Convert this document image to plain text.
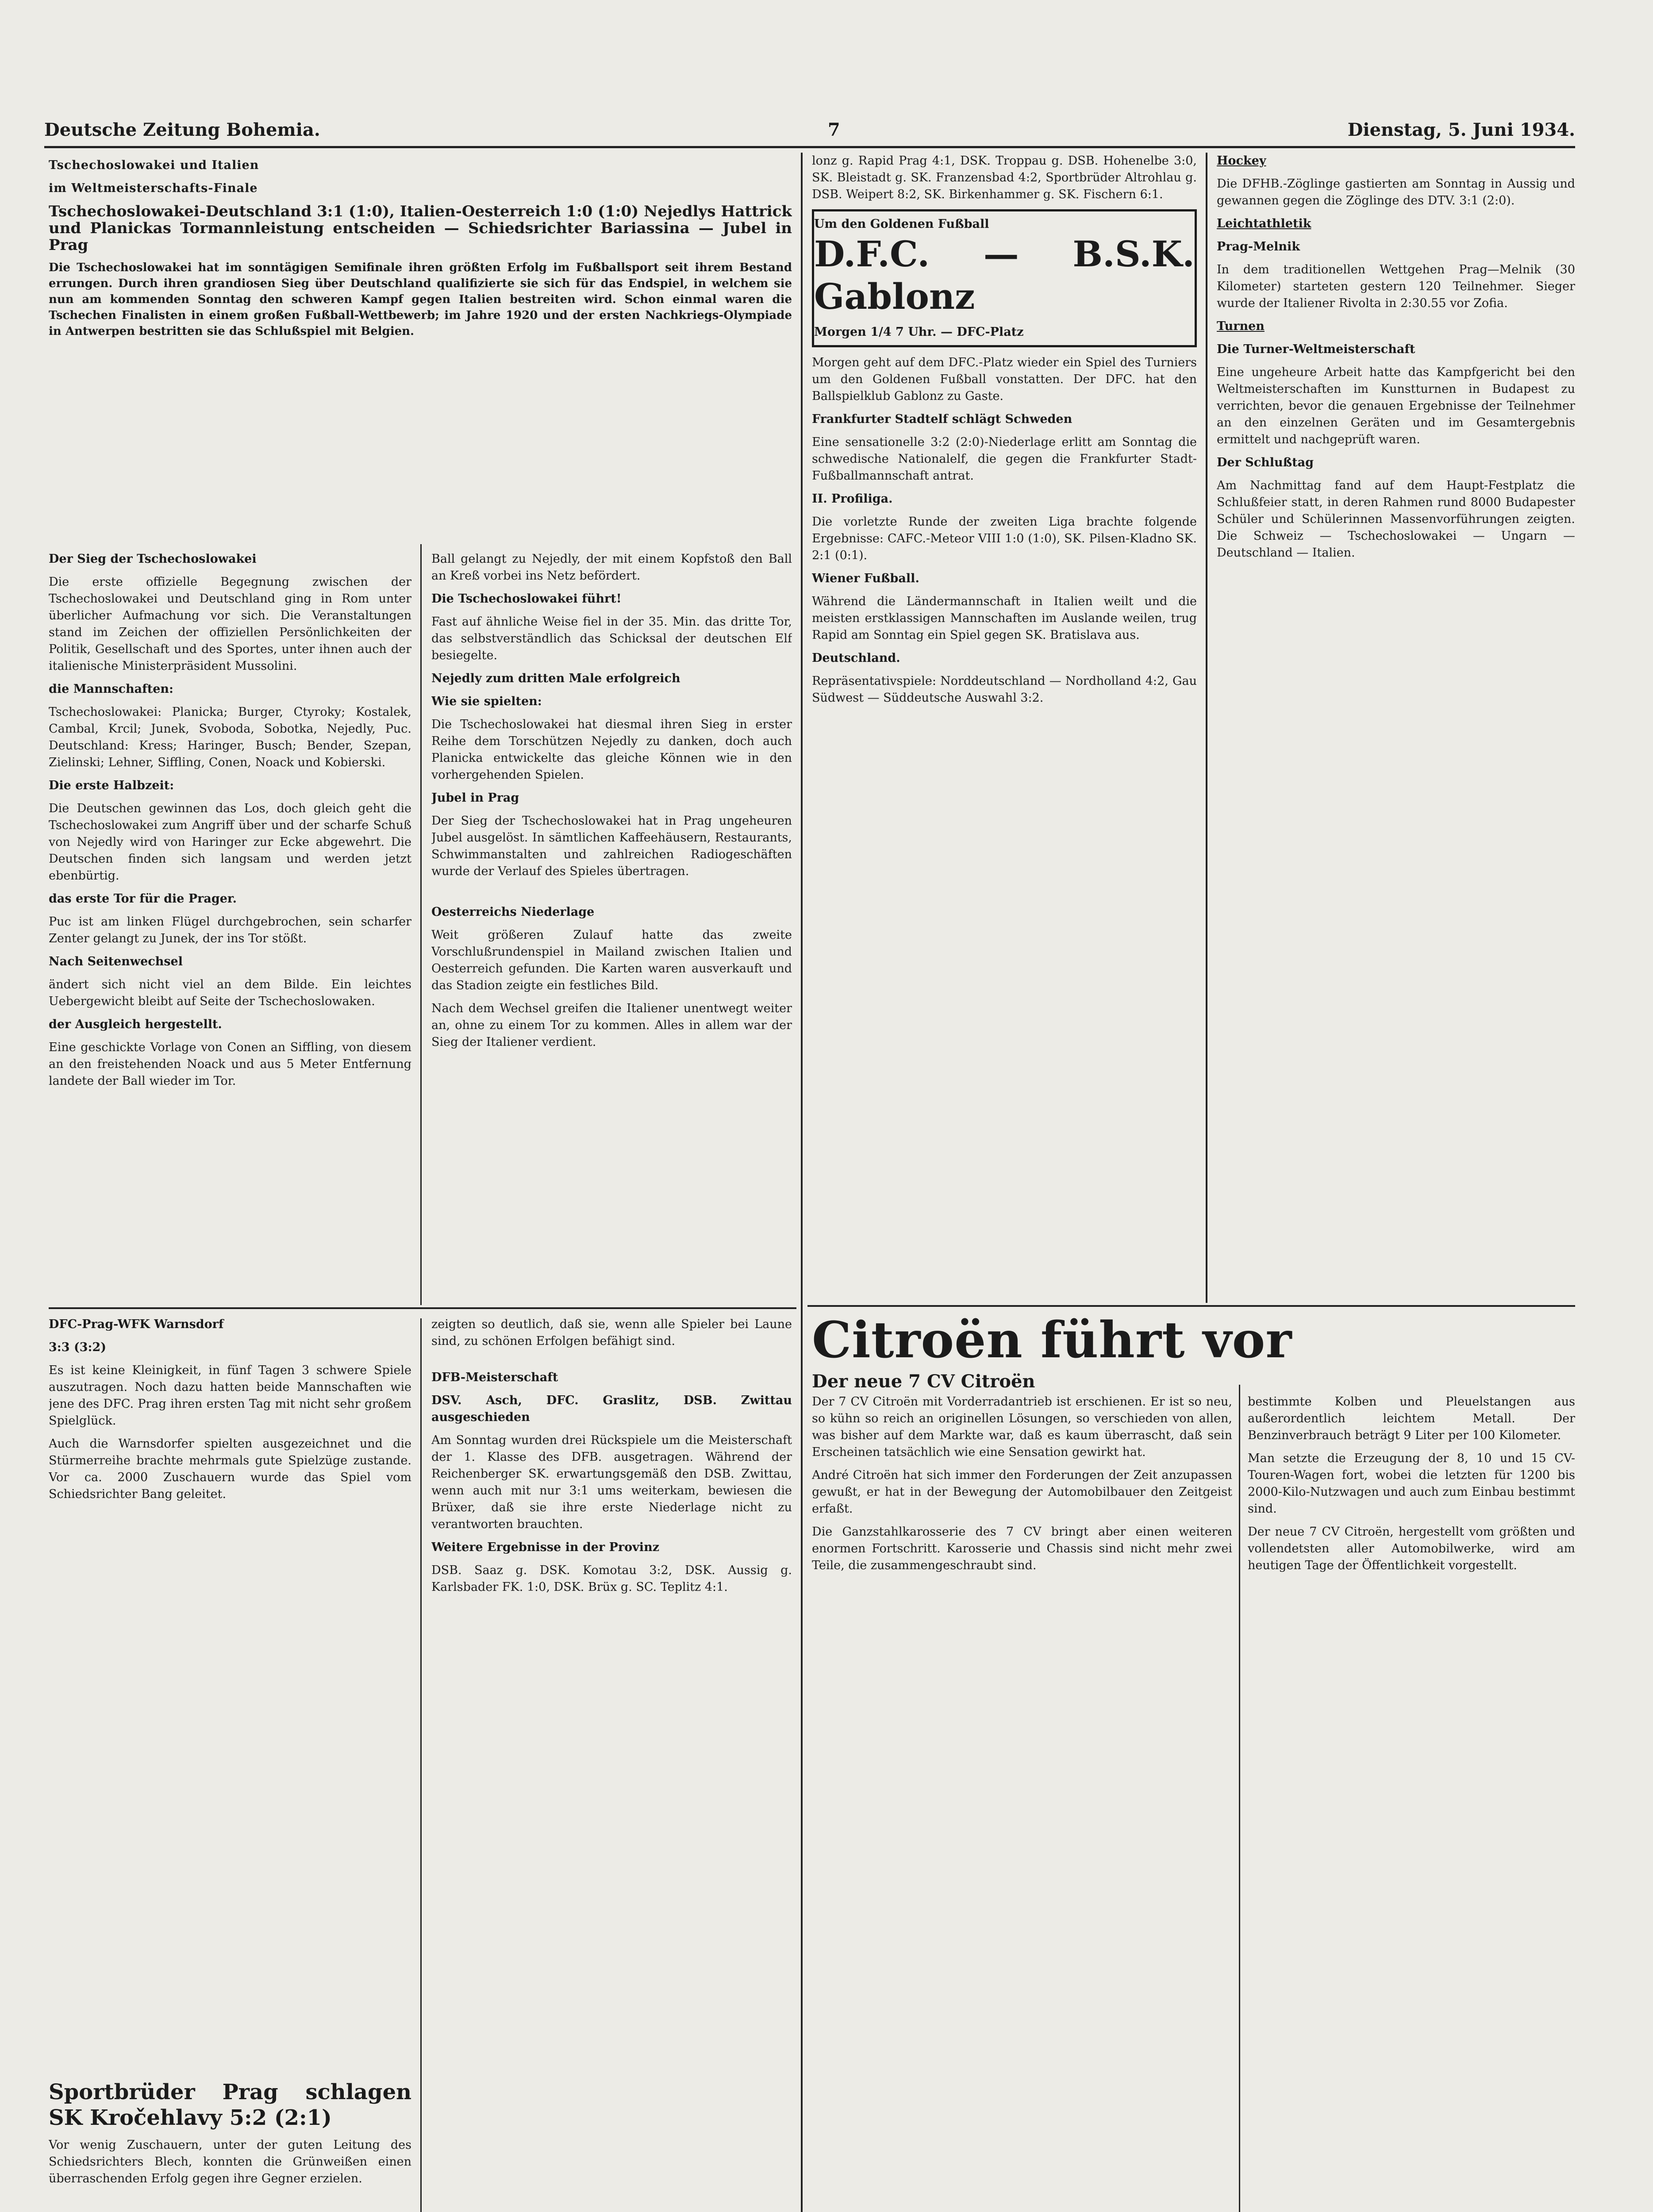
Deutsche Zeitung Bohemia.	7	Dienstag, 5. Juni 1934.

Tschechoslowakei und Italien

im Weltmeisterschafts-Finale

Tschechoslowakei-Deutschland 3:1 (1:0), Italien-Oesterreich 1:0 (1:0) Nejedlys Hattrick und Planickas Tormannleistung entscheiden — Schiedsrichter Bariassina — Jubel in Prag

Die Tschechoslowakei hat im sonntägigen Semifinale ihren größten Erfolg im Fußballsport seit ihrem Bestand errungen. Durch ihren grandiosen Sieg über Deutschland qualifizierte sie sich für das Endspiel, in welchem sie nun am kommenden Sonntag den schweren Kampf gegen Italien bestreiten wird. Schon einmal waren die Tschechen Finalisten in einem großen Fußball-Wettbewerb; im Jahre 1920 und der ersten Nachkriegs-Olympiade in Antwerpen bestritten sie das Schlußspiel mit Belgien.

Der Sieg der Tschechoslowakei

Die erste offizielle Begegnung zwischen der Tschechoslowakei und Deutschland ging in Rom unter überlicher Aufmachung vor sich. Die Veranstaltungen stand im Zeichen der offiziellen Persönlichkeiten der Politik, Gesellschaft und des Sportes, unter ihnen auch der italienische Ministerpräsident Mussolini.

die Mannschaften:

Tschechoslowakei: Planicka; Burger, Ctyroky; Kostalek, Cambal, Krcil; Junek, Svoboda, Sobotka, Nejedly, Puc. Deutschland: Kress; Haringer, Busch; Bender, Szepan, Zielinski; Lehner, Siffling, Conen, Noack und Kobierski.

Die erste Halbzeit:

Die Deutschen gewinnen das Los, doch gleich geht die Tschechoslowakei zum Angriff über und der scharfe Schuß von Nejedly wird von Haringer zur Ecke abgewehrt. Die Deutschen finden sich langsam und werden jetzt ebenbürtig.

das erste Tor für die Prager.

Puc ist am linken Flügel durchgebrochen, sein scharfer Zenter gelangt zu Junek, der ins Tor stößt.

Nach Seitenwechsel

ändert sich nicht viel an dem Bilde. Ein leichtes Uebergewicht bleibt auf Seite der Tschechoslowaken.

der Ausgleich hergestellt.

Eine geschickte Vorlage von Conen an Siffling, von diesem an den freistehenden Noack und aus 5 Meter Entfernung landete der Ball wieder im Tor.

Ball gelangt zu Nejedly, der mit einem Kopfstoß den Ball an Kreß vorbei ins Netz befördert.

Die Tschechoslowakei führt!

Fast auf ähnliche Weise fiel in der 35. Min. das dritte Tor, das selbstverständlich das Schicksal der deutschen Elf besiegelte.

Nejedly zum dritten Male erfolgreich

Wie sie spielten:

Die Tschechoslowakei hat diesmal ihren Sieg in erster Reihe dem Torschützen Nejedly zu danken, doch auch Planicka entwickelte das gleiche Können wie in den vorhergehenden Spielen.

Jubel in Prag

Der Sieg der Tschechoslowakei hat in Prag ungeheuren Jubel ausgelöst. In sämtlichen Kaffeehäusern, Restaurants, Schwimmanstalten und zahlreichen Radiogeschäften wurde der Verlauf des Spieles übertragen.

Oesterreichs Niederlage

Weit größeren Zulauf hatte das zweite Vorschlußrundenspiel in Mailand zwischen Italien und Oesterreich gefunden. Die Karten waren ausverkauft und das Stadion zeigte ein festliches Bild.

Nach dem Wechsel greifen die Italiener unentwegt weiter an, ohne zu einem Tor zu kommen. Alles in allem war der Sieg der Italiener verdient.

DFC-Prag-WFK Warnsdorf

3:3 (3:2)

Es ist keine Kleinigkeit, in fünf Tagen 3 schwere Spiele auszutragen. Noch dazu hatten beide Mannschaften wie jene des DFC. Prag ihren ersten Tag mit nicht sehr großem Spielglück.

Auch die Warnsdorfer spielten ausgezeichnet und die Stürmerreihe brachte mehrmals gute Spielzüge zustande. Vor ca. 2000 Zuschauern wurde das Spiel vom Schiedsrichter Bang geleitet.

Sportbrüder Prag schlagen SK Kročehlavy 5:2 (2:1)

Vor wenig Zuschauern, unter der guten Leitung des Schiedsrichters Blech, konnten die Grünweißen einen überraschenden Erfolg gegen ihre Gegner erzielen.

zeigten so deutlich, daß sie, wenn alle Spieler bei Laune sind, zu schönen Erfolgen befähigt sind.

DFB-Meisterschaft

DSV. Asch, DFC. Graslitz, DSB. Zwittau ausgeschieden

Am Sonntag wurden drei Rückspiele um die Meisterschaft der 1. Klasse des DFB. ausgetragen. Während der Reichenberger SK. erwartungsgemäß den DSB. Zwittau, wenn auch mit nur 3:1 ums weiterkam, bewiesen die Brüxer, daß sie ihre erste Niederlage nicht zu verantworten brauchten.

Weitere Ergebnisse in der Provinz

DSB. Saaz g. DSK. Komotau 3:2, DSK. Aussig g. Karlsbader FK. 1:0, DSK. Brüx g. SC. Teplitz 4:1.

lonz g. Rapid Prag 4:1, DSK. Troppau g. DSB. Hohenelbe 3:0, SK. Bleistadt g. SK. Franzensbad 4:2, Sportbrüder Altrohlau g. DSB. Weipert 8:2, SK. Birkenhammer g. SK. Fischern 6:1.

Um den Goldenen Fußball

D.F.C. — B.S.K. Gablonz

Morgen 1/4 7 Uhr. — DFC-Platz

Morgen geht auf dem DFC.-Platz wieder ein Spiel des Turniers um den Goldenen Fußball vonstatten. Der DFC. hat den Ballspielklub Gablonz zu Gaste.

Frankfurter Stadtelf schlägt Schweden

Eine sensationelle 3:2 (2:0)-Niederlage erlitt am Sonntag die schwedische Nationalelf, die gegen die Frankfurter Stadt-Fußballmannschaft antrat.

II. Profiliga.

Die vorletzte Runde der zweiten Liga brachte folgende Ergebnisse: CAFC.-Meteor VIII 1:0 (1:0), SK. Pilsen-Kladno SK. 2:1 (0:1).

Wiener Fußball.

Während die Ländermannschaft in Italien weilt und die meisten erstklassigen Mannschaften im Auslande weilen, trug Rapid am Sonntag ein Spiel gegen SK. Bratislava aus.

Deutschland.

Repräsentativspiele: Norddeutschland — Nordholland 4:2, Gau Südwest — Süddeutsche Auswahl 3:2.

Hockey

Die DFHB.-Zöglinge gastierten am Sonntag in Aussig und gewannen gegen die Zöglinge des DTV. 3:1 (2:0).

Leichtathletik

Prag-Melnik

In dem traditionellen Wettgehen Prag—Melnik (30 Kilometer) starteten gestern 120 Teilnehmer. Sieger wurde der Italiener Rivolta in 2:30.55 vor Zofia.

Turnen

Die Turner-Weltmeisterschaft

Eine ungeheure Arbeit hatte das Kampfgericht bei den Weltmeisterschaften im Kunstturnen in Budapest zu verrichten, bevor die genauen Ergebnisse der Teilnehmer an den einzelnen Geräten und im Gesamtergebnis ermittelt und nachgeprüft waren.

Der Schlußtag

Am Nachmittag fand auf dem Haupt-Festplatz die Schlußfeier statt, in deren Rahmen rund 8000 Budapester Schüler und Schülerinnen Massenvorführungen zeigten. Die Schweiz — Tschechoslowakei — Ungarn — Deutschland — Italien.

Citroën führt vor

Der neue 7 CV Citroën

Der 7 CV Citroën mit Vorderradantrieb ist erschienen. Er ist so neu, so kühn so reich an originellen Lösungen, so verschieden von allen, was bisher auf dem Markte war, daß es kaum überrascht, daß sein Erscheinen tatsächlich wie eine Sensation gewirkt hat.

André Citroën hat sich immer den Forderungen der Zeit anzupassen gewußt, er hat in der Bewegung der Automobilbauer den Zeitgeist erfaßt.

Die Ganzstahlkarosserie des 7 CV bringt aber einen weiteren enormen Fortschritt. Karosserie und Chassis sind nicht mehr zwei Teile, die zusammengeschraubt sind.

bestimmte Kolben und Pleuelstangen aus außerordentlich leichtem Metall. Der Benzinverbrauch beträgt 9 Liter per 100 Kilometer.

Man setzte die Erzeugung der 8, 10 und 15 CV-Touren-Wagen fort, wobei die letzten für 1200 bis 2000-Kilo-Nutzwagen und auch zum Einbau bestimmt sind.

Der neue 7 CV Citroën, hergestellt vom größten und vollendetsten aller Automobilwerke, wird am heutigen Tage der Öffentlichkeit vorgestellt.
